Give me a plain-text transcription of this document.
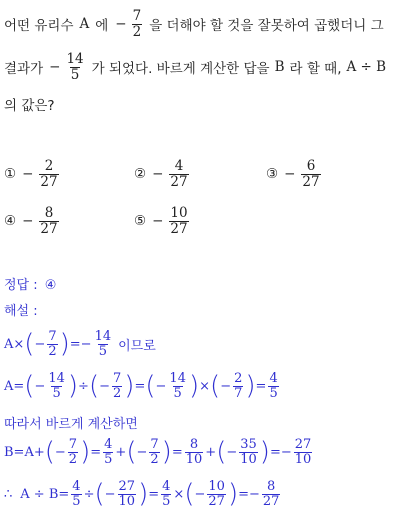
어떤 유리수 A 에 − $\frac{7}{2}$ 을 더해야 할 것을 잘못하여 곱했더니 그
결과가 − $\frac{14}{5}$ 가 되었다. 바르게 계산한 답을 B 라 할 때, A ÷ B
의 값은?
① − $\frac{2}{27}$	② − $\frac{4}{27}$	③ − $\frac{6}{27}$
④ − $\frac{8}{27}$	⑤ − $\frac{10}{27}$
정답 : ④
해설 :
A× ( − $\frac{7}{2}$ ) =− $\frac{14}{5}$ 이므로
A= ( − $\frac{14}{5}$ ) ÷ ( − $\frac{7}{2}$ ) = ( − $\frac{14}{5}$ ) × ( − $\frac{2}{7}$ ) = $\frac{4}{5}$
따라서 바르게 계산하면
B=A+ ( − $\frac{7}{2}$ ) = $\frac{4}{5}$ + ( − $\frac{7}{2}$ ) = $\frac{8}{10}$ + ( − $\frac{35}{10}$ ) =− $\frac{27}{10}$
∴ $A \div B= \frac{4}{5}$ ÷ ( − $\frac{27}{10}$ ) = $\frac{4}{5}$ × ( − $\frac{10}{27}$ ) =− $\frac{8}{27}$
